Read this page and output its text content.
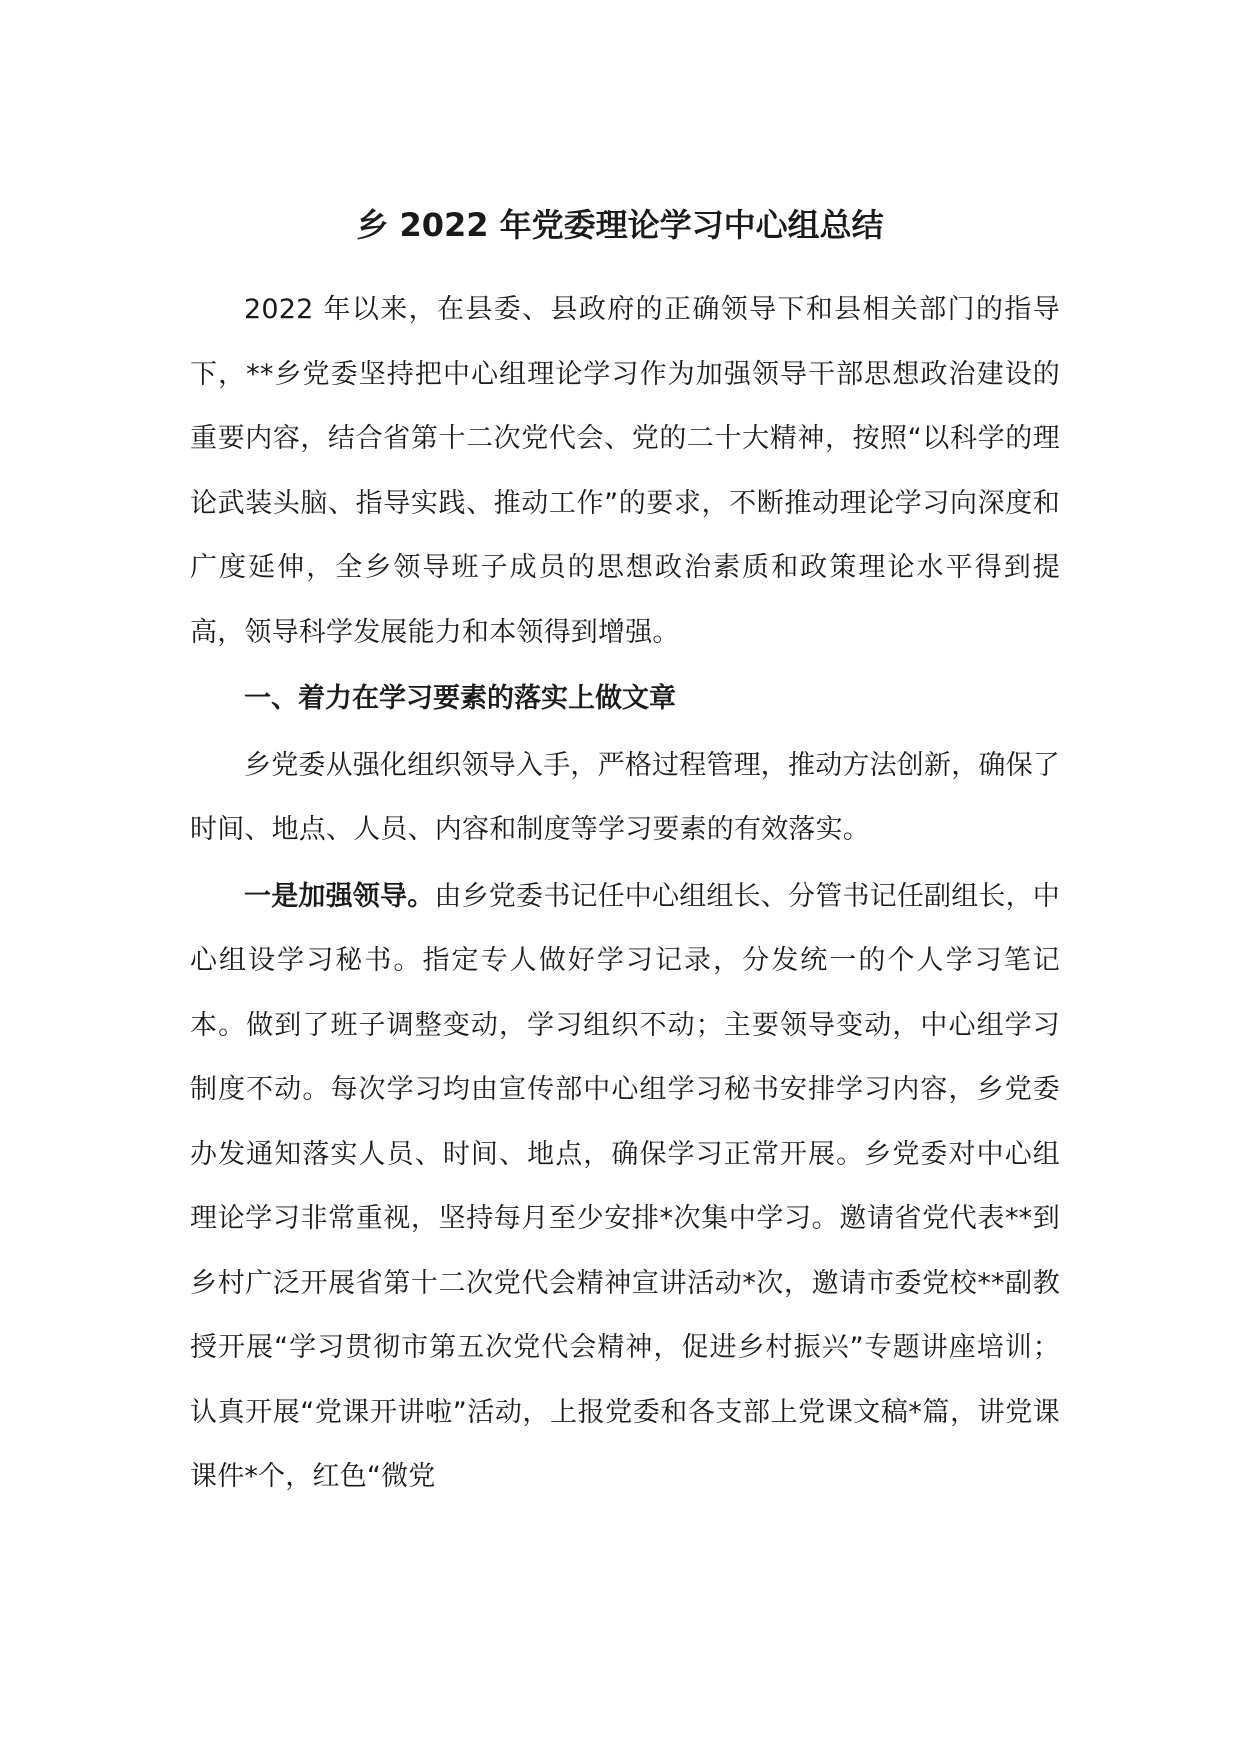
乡 2022 年党委理论学习中心组总结

2022 年以来，在县委、县政府的正确领导下和县相关部门的指导下，**乡党委坚持把中心组理论学习作为加强领导干部思想政治建设的重要内容，结合省第十二次党代会、党的二十大精神，按照“以科学的理论武装头脑、指导实践、推动工作”的要求，不断推动理论学习向深度和广度延伸，全乡领导班子成员的思想政治素质和政策理论水平得到提高，领导科学发展能力和本领得到增强。

一、着力在学习要素的落实上做文章

乡党委从强化组织领导入手，严格过程管理，推动方法创新，确保了时间、地点、人员、内容和制度等学习要素的有效落实。

一是加强领导。由乡党委书记任中心组组长、分管书记任副组长，中心组设学习秘书。指定专人做好学习记录，分发统一的个人学习笔记本。做到了班子调整变动，学习组织不动；主要领导变动，中心组学习制度不动。每次学习均由宣传部中心组学习秘书安排学习内容，乡党委办发通知落实人员、时间、地点，确保学习正常开展。乡党委对中心组理论学习非常重视，坚持每月至少安排*次集中学习。邀请省党代表**到乡村广泛开展省第十二次党代会精神宣讲活动*次，邀请市委党校**副教授开展“学习贯彻市第五次党代会精神，促进乡村振兴”专题讲座培训；认真开展“党课开讲啦”活动，上报党委和各支部上党课文稿*篇，讲党课课件*个，红色“微党
